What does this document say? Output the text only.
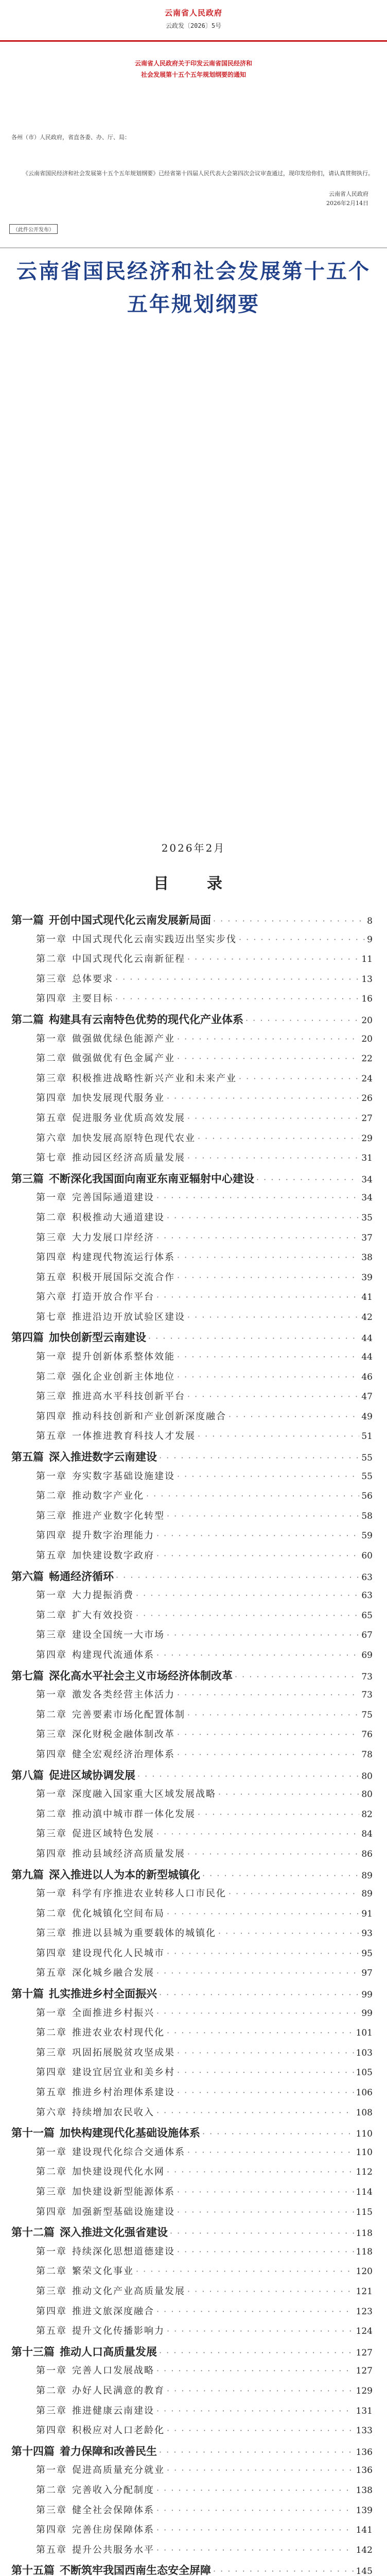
云南省人民政府
云政发〔2026〕5号
云南省人民政府关于印发云南省国民经济和
社会发展第十五个五年规划纲要的通知
各州（市）人民政府，省直各委、办、厅、局：
《云南省国民经济和社会发展第十五个五年规划纲要》已经省第十四届人民代表大会第四次会议审查通过，现印发给你们，请认真贯彻执行。
云南省人民政府
2026年2月14日
（此件公开发布）
云南省国民经济和社会发展第十五个
五年规划纲要
2026年2月
目　录
第一篇 开创中国式现代化云南发展新局面 · · ·	8
第一章 中国式现代化云南实践迈出坚实步伐 · · ·	9
第二章 中国式现代化云南新征程 · · ·	11
第三章 总体要求 · · ·	13
第四章 主要目标 · · ·	16
第二篇 构建具有云南特色优势的现代化产业体系 · · ·	20
第一章 做强做优绿色能源产业 · · ·	20
第二章 做强做优有色金属产业 · · ·	22
第三章 积极推进战略性新兴产业和未来产业 · · ·	24
第四章 加快发展现代服务业 · · ·	26
第五章 促进服务业优质高效发展 · · ·	27
第六章 加快发展高原特色现代农业 · · ·	29
第七章 推动园区经济高质量发展 · · ·	31
第三篇 不断深化我国面向南亚东南亚辐射中心建设 · · ·	34
第一章 完善国际通道建设 · · ·	34
第二章 积极推动大通道建设 · · ·	35
第三章 大力发展口岸经济 · · ·	37
第四章 构建现代物流运行体系 · · ·	38
第五章 积极开展国际交流合作 · · ·	39
第六章 打造开放合作平台 · · ·	41
第七章 推进沿边开放试验区建设 · · ·	42
第四篇 加快创新型云南建设 · · ·	44
第一章 提升创新体系整体效能 · · ·	44
第二章 强化企业创新主体地位 · · ·	46
第三章 推进高水平科技创新平台 · · ·	47
第四章 推动科技创新和产业创新深度融合 · · ·	49
第五章 一体推进教育科技人才发展 · · ·	51
第五篇 深入推进数字云南建设 · · ·	55
第一章 夯实数字基础设施建设 · · ·	55
第二章 推动数字产业化 · · ·	56
第三章 推进产业数字化转型 · · ·	58
第四章 提升数字治理能力 · · ·	59
第五章 加快建设数字政府 · · ·	60
第六篇 畅通经济循环 · · ·	63
第一章 大力提振消费 · · ·	63
第二章 扩大有效投资 · · ·	65
第三章 建设全国统一大市场 · · ·	67
第四章 构建现代流通体系 · · ·	69
第七篇 深化高水平社会主义市场经济体制改革 · · ·	73
第一章 激发各类经营主体活力 · · ·	73
第二章 完善要素市场化配置体制 · · ·	75
第三章 深化财税金融体制改革 · · ·	76
第四章 健全宏观经济治理体系 · · ·	78
第八篇 促进区域协调发展 · · ·	80
第一章 深度融入国家重大区域发展战略 · · ·	80
第二章 推动滇中城市群一体化发展 · · ·	82
第三章 促进区域特色发展 · · ·	84
第四章 推动县域经济高质量发展 · · ·	86
第九篇 深入推进以人为本的新型城镇化 · · ·	89
第一章 科学有序推进农业转移人口市民化 · · ·	89
第二章 优化城镇化空间布局 · · ·	91
第三章 推进以县城为重要载体的城镇化 · · ·	93
第四章 建设现代化人民城市 · · ·	95
第五章 深化城乡融合发展 · · ·	97
第十篇 扎实推进乡村全面振兴 · · ·	99
第一章 全面推进乡村振兴 · · ·	99
第二章 推进农业农村现代化 · · ·	101
第三章 巩固拓展脱贫攻坚成果 · · ·	103
第四章 建设宜居宜业和美乡村 · · ·	105
第五章 推进乡村治理体系建设 · · ·	106
第六章 持续增加农民收入 · · ·	108
第十一篇 加快构建现代化基础设施体系 · · ·	110
第一章 建设现代化综合交通体系 · · ·	110
第二章 加快建设现代化水网 · · ·	112
第三章 加快建设新型能源体系 · · ·	114
第四章 加强新型基础设施建设 · · ·	115
第十二篇 深入推进文化强省建设 · · ·	118
第一章 持续深化思想道德建设 · · ·	118
第二章 繁荣文化事业 · · ·	120
第三章 推动文化产业高质量发展 · · ·	121
第四章 推进文旅深度融合 · · ·	123
第五章 提升文化传播影响力 · · ·	124
第十三篇 推动人口高质量发展 · · ·	127
第一章 完善人口发展战略 · · ·	127
第二章 办好人民满意的教育 · · ·	129
第三章 推进健康云南建设 · · ·	131
第四章 积极应对人口老龄化 · · ·	133
第十四篇 着力保障和改善民生 · · ·	136
第一章 促进高质量充分就业 · · ·	136
第二章 完善收入分配制度 · · ·	138
第三章 健全社会保障体系 · · ·	139
第四章 完善住房保障体系 · · ·	141
第五章 提升公共服务水平 · · ·	142
第十五篇 不断筑牢我国西南生态安全屏障 · · ·	145
